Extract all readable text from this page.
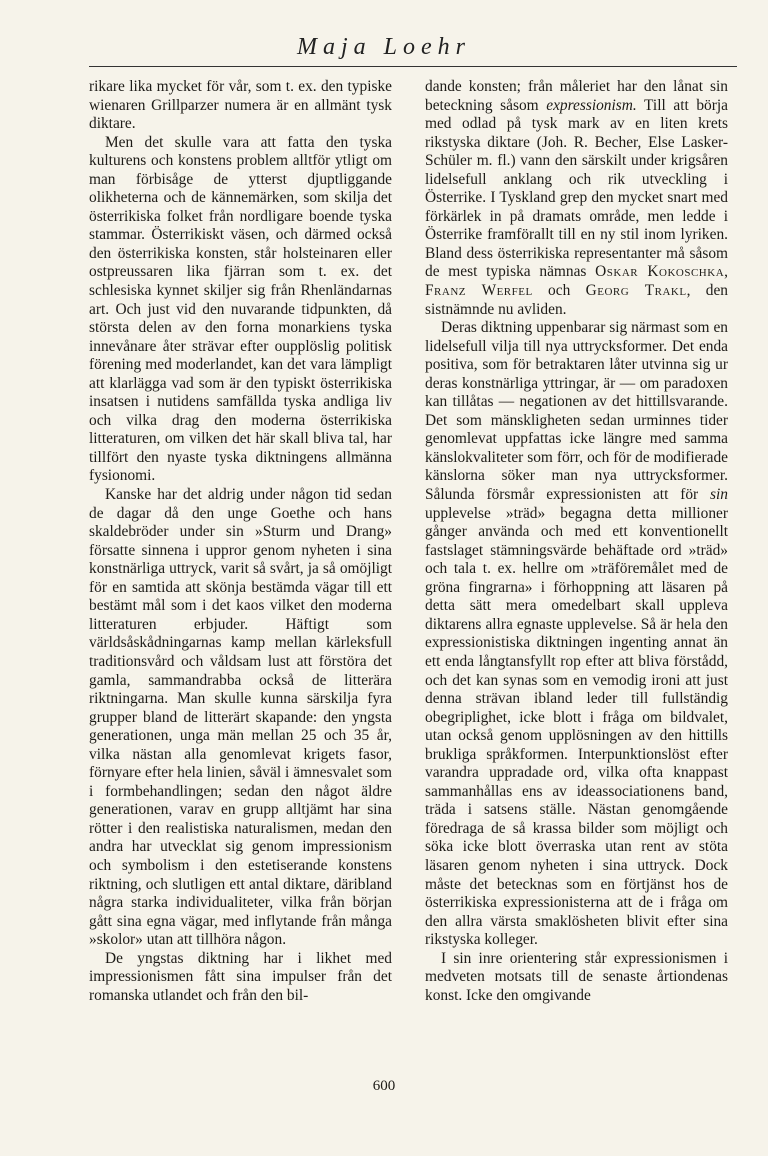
Maja Loehr

rikare lika mycket för vår, som t. ex. den typiske wienaren Grillparzer numera är en allmänt tysk diktare.

Men det skulle vara att fatta den tyska kulturens och konstens problem alltför ytligt om man förbisåge de ytterst djuptliggande olikheterna och de kännemärken, som skilja det österrikiska folket från nordligare boende tyska stammar. Österrikiskt väsen, och därmed också den österrikiska konsten, står holsteinaren eller ostpreussaren lika fjärran som t. ex. det schlesiska kynnet skiljer sig från Rhenländarnas art. Och just vid den nuvarande tidpunkten, då största delen av den forna monarkiens tyska innevånare åter strävar efter oupplöslig politisk förening med moderlandet, kan det vara lämpligt att klarlägga vad som är den typiskt österrikiska insatsen i nutidens samfällda tyska andliga liv och vilka drag den moderna österrikiska litteraturen, om vilken det här skall bliva tal, har tillfört den nyaste tyska diktningens allmänna fysionomi.

Kanske har det aldrig under någon tid sedan de dagar då den unge Goethe och hans skaldebröder under sin »Sturm und Drang» försatte sinnena i uppror genom nyheten i sina konstnärliga uttryck, varit så svårt, ja så omöjligt för en samtida att skönja bestämda vägar till ett bestämt mål som i det kaos vilket den moderna litteraturen erbjuder. Häftigt som världsåskådningarnas kamp mellan kärleksfull traditionsvård och våldsam lust att förstöra det gamla, sammandrabba också de litterära riktningarna. Man skulle kunna särskilja fyra grupper bland de litterärt skapande: den yngsta generationen, unga män mellan 25 och 35 år, vilka nästan alla genomlevat krigets fasor, förnyare efter hela linien, såväl i ämnesvalet som i formbehandlingen; sedan den något äldre generationen, varav en grupp alltjämt har sina rötter i den realistiska naturalismen, medan den andra har utvecklat sig genom impressionism och symbolism i den estetiserande konstens riktning, och slutligen ett antal diktare, däribland några starka individualiteter, vilka från början gått sina egna vägar, med inflytande från många »skolor» utan att tillhöra någon.

De yngstas diktning har i likhet med impressionismen fått sina impulser från det romanska utlandet och från den bil-

dande konsten; från måleriet har den lånat sin beteckning såsom expressionism. Till att börja med odlad på tysk mark av en liten krets rikstyska diktare (Joh. R. Becher, Else Lasker-Schüler m. fl.) vann den särskilt under krigsåren lidelsefull anklang och rik utveckling i Österrike. I Tyskland grep den mycket snart med förkärlek in på dramats område, men ledde i Österrike framförallt till en ny stil inom lyriken. Bland dess österrikiska representanter må såsom de mest typiska nämnas Oskar Kokoschka, Franz Werfel och Georg Trakl, den sistnämnde nu avliden.

Deras diktning uppenbarar sig närmast som en lidelsefull vilja till nya uttrycksformer. Det enda positiva, som för betraktaren låter utvinna sig ur deras konstnärliga yttringar, är — om paradoxen kan tillåtas — negationen av det hittillsvarande. Det som mänskligheten sedan urminnes tider genomlevat uppfattas icke längre med samma känslokvaliteter som förr, och för de modifierade känslorna söker man nya uttrycksformer. Sålunda försmår expressionisten att för sin upplevelse »träd» begagna detta millioner gånger använda och med ett konventionellt fastslaget stämningsvärde behäftade ord »träd» och tala t. ex. hellre om »träföremålet med de gröna fingrarna» i förhoppning att läsaren på detta sätt mera omedelbart skall uppleva diktarens allra egnaste upplevelse. Så är hela den expressionistiska diktningen ingenting annat än ett enda långtansfyllt rop efter att bliva förstådd, och det kan synas som en vemodig ironi att just denna strävan ibland leder till fullständig obegriplighet, icke blott i fråga om bildvalet, utan också genom upplösningen av den hittills brukliga språkformen. Interpunktionslöst efter varandra uppradade ord, vilka ofta knappast sammanhållas ens av ideassociationens band, träda i satsens ställe. Nästan genomgående föredraga de så krassa bilder som möjligt och söka icke blott överraska utan rent av stöta läsaren genom nyheten i sina uttryck. Dock måste det betecknas som en förtjänst hos de österrikiska expressionisterna att de i fråga om den allra värsta smaklösheten blivit efter sina rikstyska kolleger.

I sin inre orientering står expressionismen i medveten motsats till de senaste årtiondenas konst. Icke den omgivande

600
